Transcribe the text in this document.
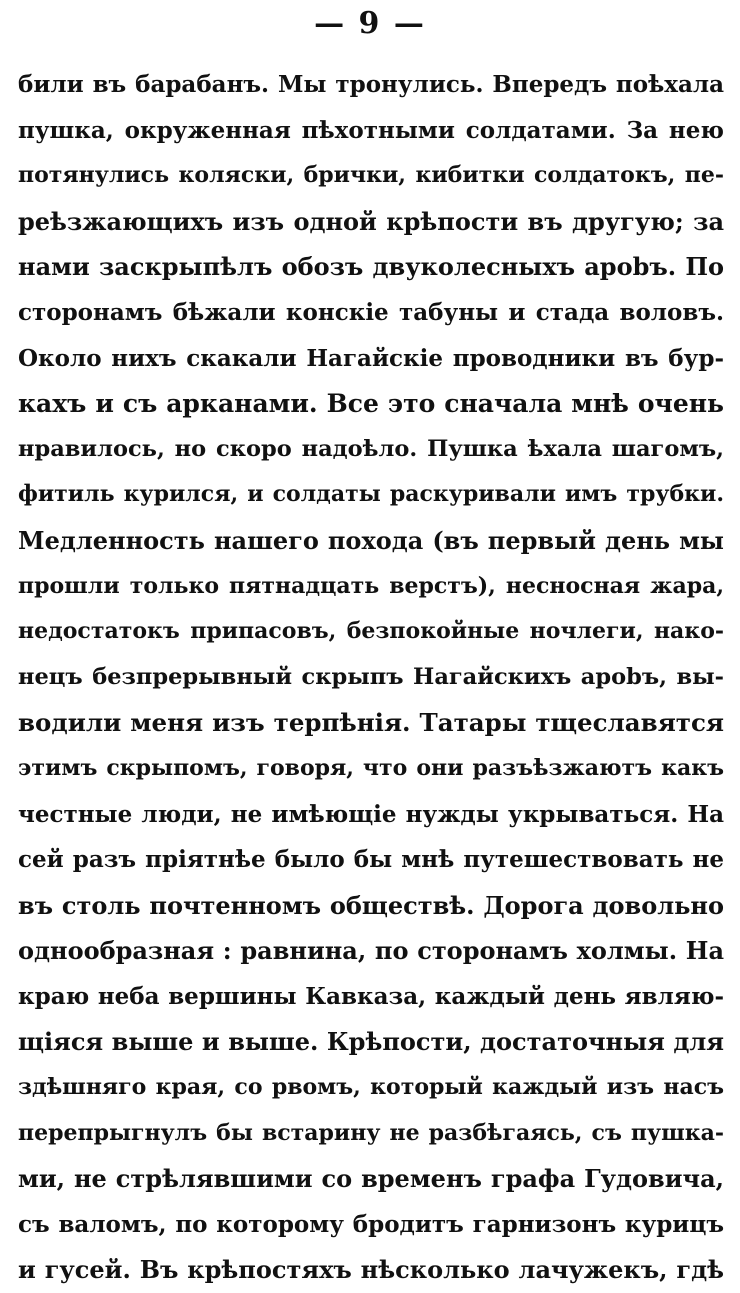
— 9 —
били въ барабанъ. Мы тронулись. Впередъ поѣхала
пушка, окруженная пѣхотными солдатами. За нею
потянулись коляски, брички, кибитки солдатокъ, пе-
реѣзжающихъ изъ одной крѣпости въ другую; за
нами заскрыпѣлъ обозъ двуколесныхъ арobъ. По
сторонамъ бѣжали конскіе табуны и стада воловъ.
Около нихъ скакали Нагайскіе проводники въ бур-
кахъ и съ арканами. Все это сначала мнѣ очень
нравилось, но скоро надоѣло. Пушка ѣхала шагомъ,
фитиль курился, и солдаты раскуривали имъ трубки.
Медленность нашего похода (въ первый день мы
прошли только пятнадцать верстъ), несносная жара,
недостатокъ припасовъ, безпокойные ночлеги, нако-
нецъ безпрерывный скрыпъ Нагайскихъ арobъ, вы-
водили меня изъ терпѣнія. Татары тщеславятся
этимъ скрыпомъ, говоря, что они разъѣзжаютъ какъ
честные люди, не имѣющіе нужды укрываться. На
сей разъ пріятнѣе было бы мнѣ путешествовать не
въ столь почтенномъ обществѣ. Дорога довольно
однообразная : равнина, по сторонамъ холмы. На
краю неба вершины Кавказа, каждый день являю-
щіяся выше и выше. Крѣпости, достаточныя для
здѣшняго края, со рвомъ, который каждый изъ насъ
перепрыгнулъ бы встарину не разбѣгаясь, съ пушка-
ми, не стрѣлявшими со временъ графа Гудовича,
съ валомъ, по которому бродитъ гарнизонъ курицъ
и гусей. Въ крѣпостяхъ нѣсколько лачужекъ, гдѣ
